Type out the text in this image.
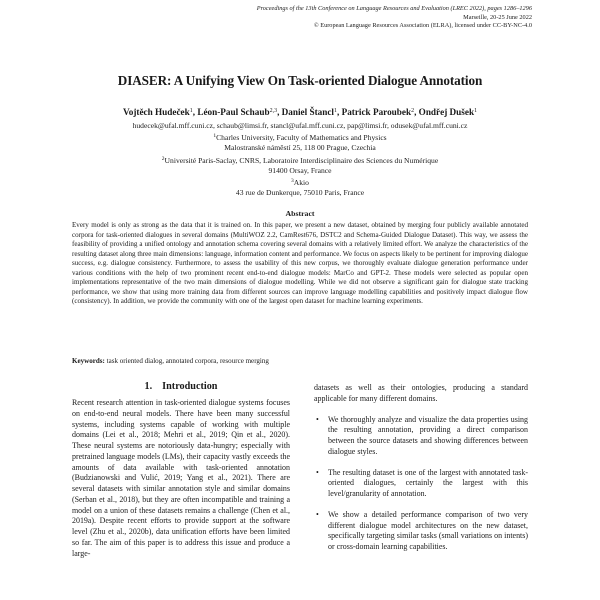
Proceedings of the 13th Conference on Language Resources and Evaluation (LREC 2022), pages 1286–1296
Marseille, 20-25 June 2022
© European Language Resources Association (ELRA), licensed under CC-BY-NC-4.0
DIASER: A Unifying View On Task-oriented Dialogue Annotation
Vojtěch Hudeček$^1$, Léon-Paul Schaub$^{2,3}$, Daniel Štancl$^1$, Patrick Paroubek$^2$, Ondřej Dušek$^1$
hudecek@ufal.mff.cuni.cz, schaub@limsi.fr, stancl@ufal.mff.cuni.cz, pap@limsi.fr, odusek@ufal.mff.cuni.cz
$^1$Charles University, Faculty of Mathematics and Physics
Malostranské náměstí 25, 118 00 Prague, Czechia
$^2$Université Paris-Saclay, CNRS, Laboratoire Interdisciplinaire des Sciences du Numérique
91400 Orsay, France
$^3$Akio
43 rue de Dunkerque, 75010 Paris, France
Abstract
Every model is only as strong as the data that it is trained on. In this paper, we present a new dataset, obtained by merging four publicly available annotated corpora for task-oriented dialogues in several domains (MultiWOZ 2.2, CamRest676, DSTC2 and Schema-Guided Dialogue Dataset). This way, we assess the feasibility of providing a unified ontology and annotation schema covering several domains with a relatively limited effort. We analyze the characteristics of the resulting dataset along three main dimensions: language, information content and performance. We focus on aspects likely to be pertinent for improving dialogue success, e.g. dialogue consistency. Furthermore, to assess the usability of this new corpus, we thoroughly evaluate dialogue generation performance under various conditions with the help of two prominent recent end-to-end dialogue models: MarCo and GPT-2. These models were selected as popular open implementations representative of the two main dimensions of dialogue modelling. While we did not observe a significant gain for dialogue state tracking performance, we show that using more training data from different sources can improve language modelling capabilities and positively impact dialogue flow (consistency). In addition, we provide the community with one of the largest open dataset for machine learning experiments.
Keywords: task oriented dialog, annotated corpora, resource merging
1. Introduction
Recent research attention in task-oriented dialogue systems focuses on end-to-end neural models. There have been many successful systems, including systems capable of working with multiple domains (Lei et al., 2018; Mehri et al., 2019; Qin et al., 2020). These neural systems are notoriously data-hungry; especially with pretrained language models (LMs), their capacity vastly exceeds the amounts of data available with task-oriented annotation (Budzianowski and Vulić, 2019; Yang et al., 2021). There are several datasets with similar annotation style and similar domains (Serban et al., 2018), but they are often incompatible and training a model on a union of these datasets remains a challenge (Chen et al., 2019a). Despite recent efforts to provide support at the software level (Zhu et al., 2020b), data unification efforts have been limited so far. The aim of this paper is to address this issue and produce a large-

datasets as well as their ontologies, producing a standard applicable for many different domains.

• We thoroughly analyze and visualize the data properties using the resulting annotation, providing a direct comparison between the source datasets and showing differences between dialogue styles.
• The resulting dataset is one of the largest with annotated task-oriented dialogues, certainly the largest with this level/granularity of annotation.
• We show a detailed performance comparison of two very different dialogue model architectures on the new dataset, specifically targeting similar tasks (small variations on intents) or cross-domain learning capabilities.
